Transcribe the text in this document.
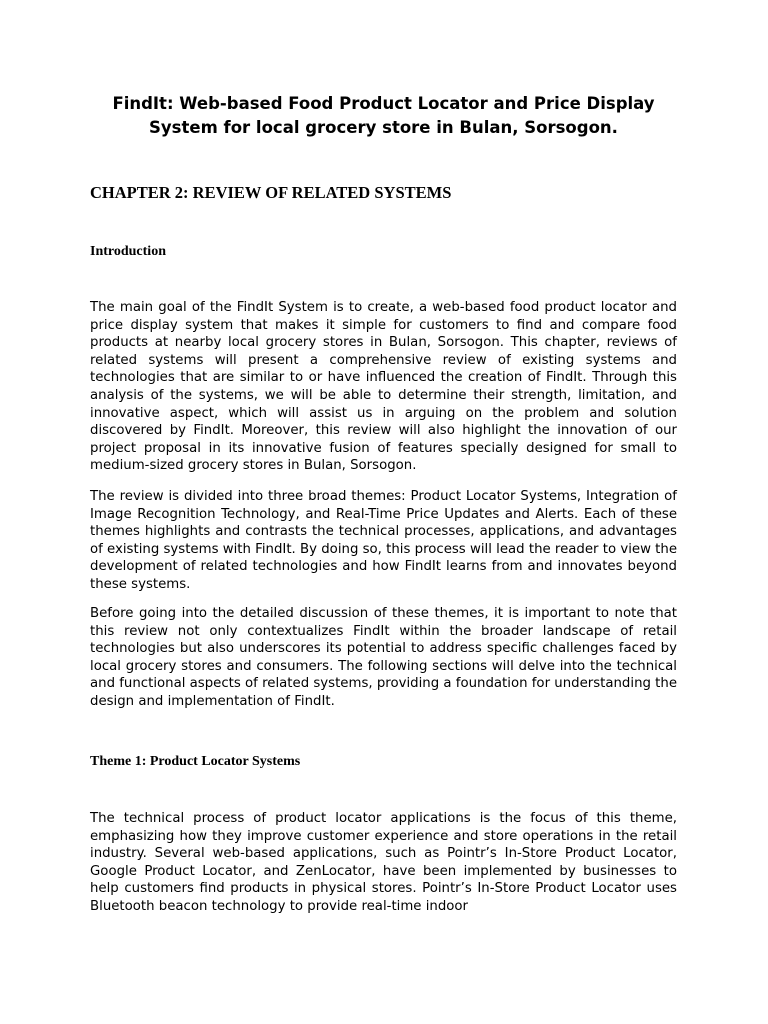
FindIt: Web-based Food Product Locator and Price Display System for local grocery store in Bulan, Sorsogon.
CHAPTER 2: REVIEW OF RELATED SYSTEMS
Introduction

The main goal of the FindIt System is to create, a web-based food product locator and price display system that makes it simple for customers to find and compare food products at nearby local grocery stores in Bulan, Sorsogon. This chapter, reviews of related systems will present a comprehensive review of existing systems and technologies that are similar to or have influenced the creation of FindIt. Through this analysis of the systems, we will be able to determine their strength, limitation, and innovative aspect, which will assist us in arguing on the problem and solution discovered by FindIt. Moreover, this review will also highlight the innovation of our project proposal in its innovative fusion of features specially designed for small to medium-sized grocery stores in Bulan, Sorsogon.

The review is divided into three broad themes: Product Locator Systems, Integration of Image Recognition Technology, and Real-Time Price Updates and Alerts. Each of these themes highlights and contrasts the technical processes, applications, and advantages of existing systems with FindIt. By doing so, this process will lead the reader to view the development of related technologies and how FindIt learns from and innovates beyond these systems.

Before going into the detailed discussion of these themes, it is important to note that this review not only contextualizes FindIt within the broader landscape of retail technologies but also underscores its potential to address specific challenges faced by local grocery stores and consumers. The following sections will delve into the technical and functional aspects of related systems, providing a foundation for understanding the design and implementation of FindIt.

Theme 1: Product Locator Systems

The technical process of product locator applications is the focus of this theme, emphasizing how they improve customer experience and store operations in the retail industry. Several web-based applications, such as Pointr’s In-Store Product Locator, Google Product Locator, and ZenLocator, have been implemented by businesses to help customers find products in physical stores. Pointr’s In-Store Product Locator uses Bluetooth beacon technology to provide real-time indoor
